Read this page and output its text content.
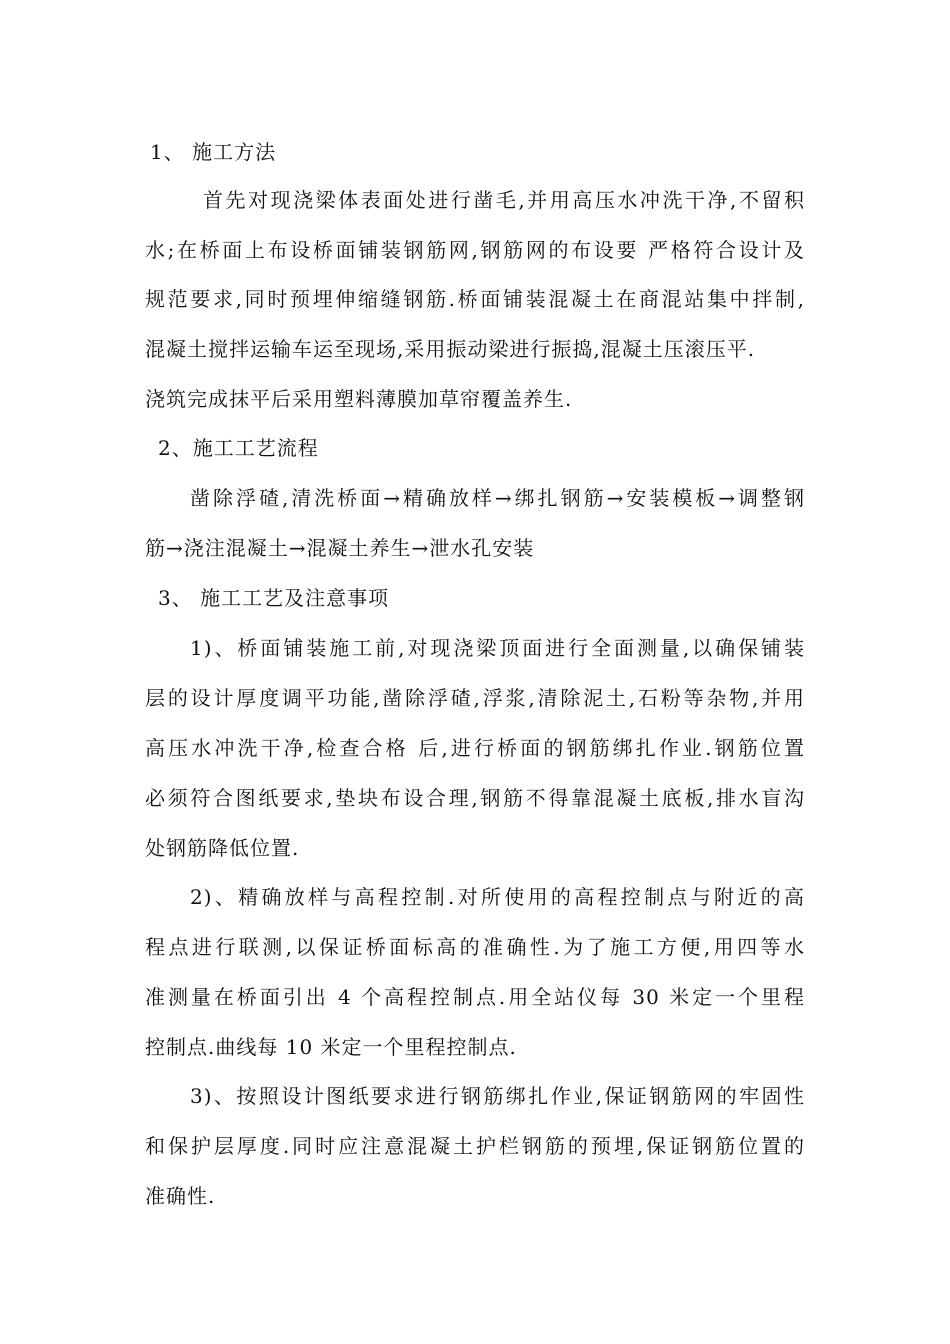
1、 施工方法
首先对现浇梁体表面处进行凿毛,并用高压水冲洗干净,不留积
水;在桥面上布设桥面铺装钢筋网,钢筋网的布设要 严格符合设计及
规范要求,同时预埋伸缩缝钢筋.桥面铺装混凝土在商混站集中拌制,
混凝土搅拌运输车运至现场,采用振动梁进行振捣,混凝土压滚压平.
浇筑完成抹平后采用塑料薄膜加草帘覆盖养生.
2、施工工艺流程
凿除浮碴,清洗桥面→精确放样→绑扎钢筋→安装模板→调整钢
筋→浇注混凝土→混凝土养生→泄水孔安装
3、 施工工艺及注意事项
1)、桥面铺装施工前,对现浇梁顶面进行全面测量,以确保铺装
层的设计厚度调平功能,凿除浮碴,浮浆,清除泥土,石粉等杂物,并用
高压水冲洗干净,检查合格 后,进行桥面的钢筋绑扎作业.钢筋位置
必须符合图纸要求,垫块布设合理,钢筋不得靠混凝土底板,排水盲沟
处钢筋降低位置.
2)、精确放样与高程控制.对所使用的高程控制点与附近的高
程点进行联测,以保证桥面标高的准确性.为了施工方便,用四等水
准测量在桥面引出 4 个高程控制点.用全站仪每 30 米定一个里程
控制点.曲线每 10 米定一个里程控制点.
3)、按照设计图纸要求进行钢筋绑扎作业,保证钢筋网的牢固性
和保护层厚度.同时应注意混凝土护栏钢筋的预埋,保证钢筋位置的
准确性.
